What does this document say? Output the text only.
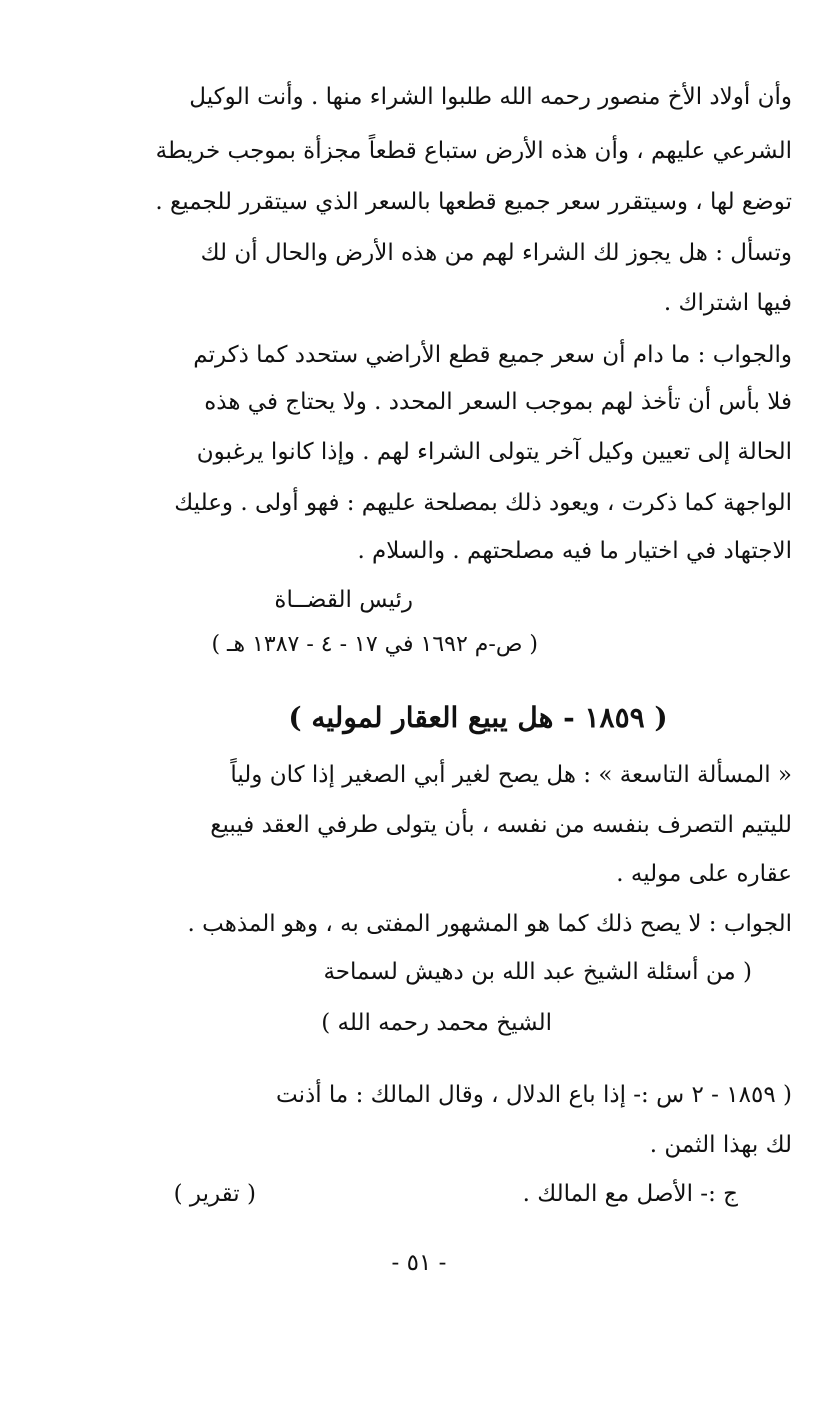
وأن أولاد الأخ منصور رحمه الله طلبوا الشراء منها . وأنت الوكيل
الشرعي عليهم ، وأن هذه الأرض ستباع قطعاً مجزأة بموجب خريطة
توضع لها ، وسيتقرر سعر جميع قطعها بالسعر الذي سيتقرر للجميع .
وتسأل : هل يجوز لك الشراء لهم من هذه الأرض والحال أن لك
فيها اشتراك .
والجواب : ما دام أن سعر جميع قطع الأراضي ستحدد كما ذكرتم
فلا بأس أن تأخذ لهم بموجب السعر المحدد . ولا يحتاج في هذه
الحالة إلى تعيين وكيل آخر يتولى الشراء لهم . وإذا كانوا يرغبون
الواجهة كما ذكرت ، ويعود ذلك بمصلحة عليهم : فهو أولى . وعليك
الاجتهاد في اختيار ما فيه مصلحتهم . والسلام .
رئيس القضــاة
( ص-م ١٦٩٢ في ١٧ - ٤ - ١٣٨٧ هـ )
( ١٨٥٩ - هل يبيع العقار لموليه )
« المسألة التاسعة » : هل يصح لغير أبي الصغير إذا كان ولياً
لليتيم التصرف بنفسه من نفسه ، بأن يتولى طرفي العقد فيبيع
عقاره على موليه .
الجواب : لا يصح ذلك كما هو المشهور المفتى به ، وهو المذهب .
( من أسئلة الشيخ عبد الله بن دهيش لسماحة
الشيخ محمد رحمه الله )
( ١٨٥٩ - ٢ س :- إذا باع الدلال ، وقال المالك : ما أذنت
لك بهذا الثمن .
ج :- الأصل مع المالك .
( تقرير )
- ٥١ -
